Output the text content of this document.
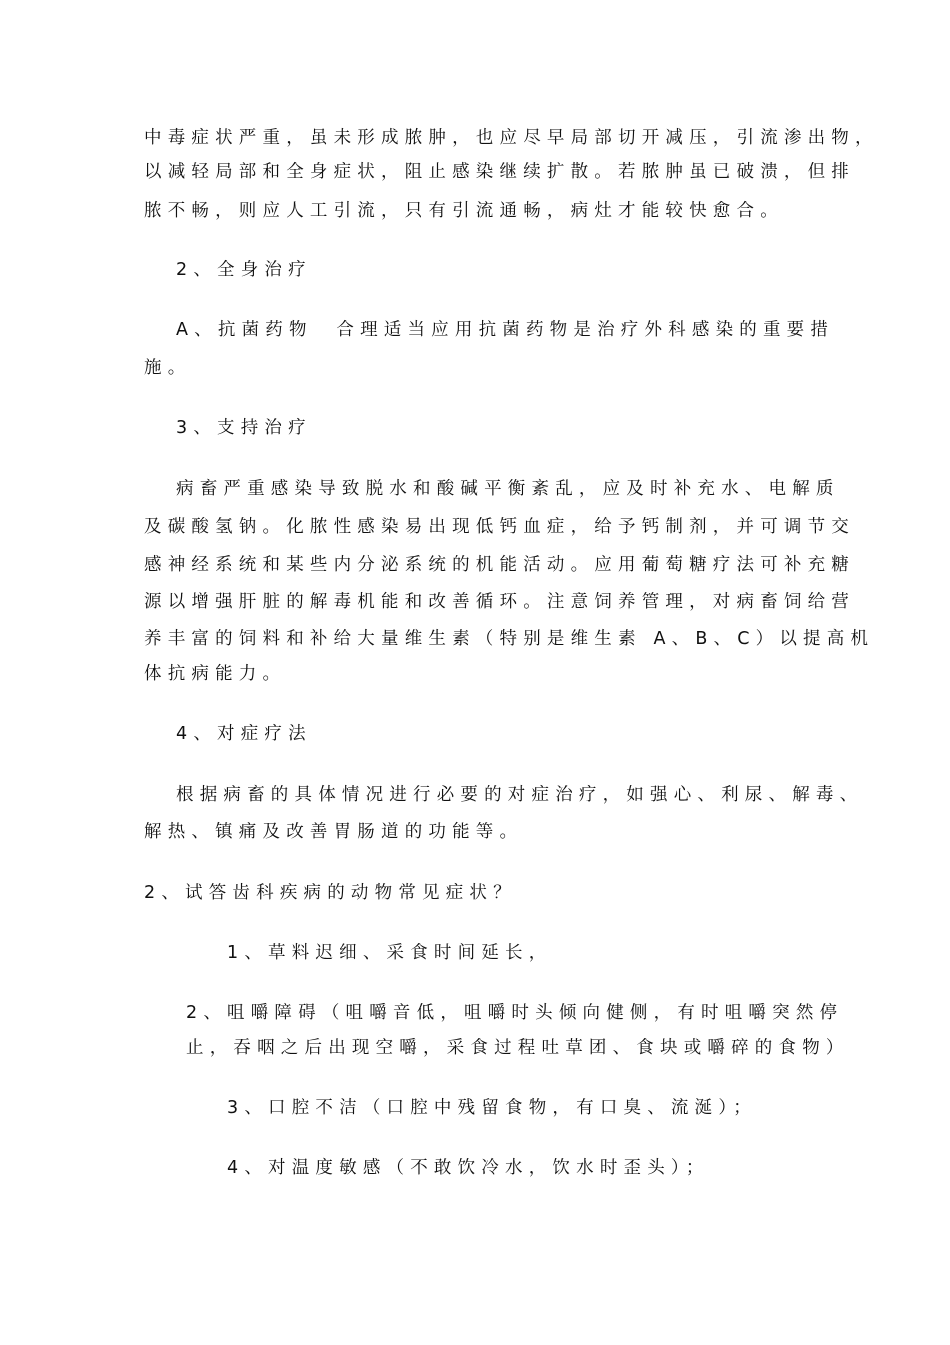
中毒症状严重，虽未形成脓肿，也应尽早局部切开减压，引流渗出物，
以减轻局部和全身症状，阻止感染继续扩散。若脓肿虽已破溃，但排
脓不畅，则应人工引流，只有引流通畅，病灶才能较快愈合。
2、全身治疗
A、抗菌药物　合理适当应用抗菌药物是治疗外科感染的重要措
施。
3、支持治疗
病畜严重感染导致脱水和酸碱平衡紊乱，应及时补充水、电解质
及碳酸氢钠。化脓性感染易出现低钙血症，给予钙制剂，并可调节交
感神经系统和某些内分泌系统的机能活动。应用葡萄糖疗法可补充糖
源以增强肝脏的解毒机能和改善循环。注意饲养管理，对病畜饲给营
养丰富的饲料和补给大量维生素（特别是维生素 A、B、C）以提高机
体抗病能力。
4、对症疗法
根据病畜的具体情况进行必要的对症治疗，如强心、利尿、解毒、
解热、镇痛及改善胃肠道的功能等。
2、试答齿科疾病的动物常见症状？
1、草料迟细、采食时间延长，
2、咀嚼障碍（咀嚼音低，咀嚼时头倾向健侧，有时咀嚼突然停
止，吞咽之后出现空嚼，采食过程吐草团、食块或嚼碎的食物）
3、口腔不洁（口腔中残留食物，有口臭、流涎）；
4、对温度敏感（不敢饮冷水，饮水时歪头）；
